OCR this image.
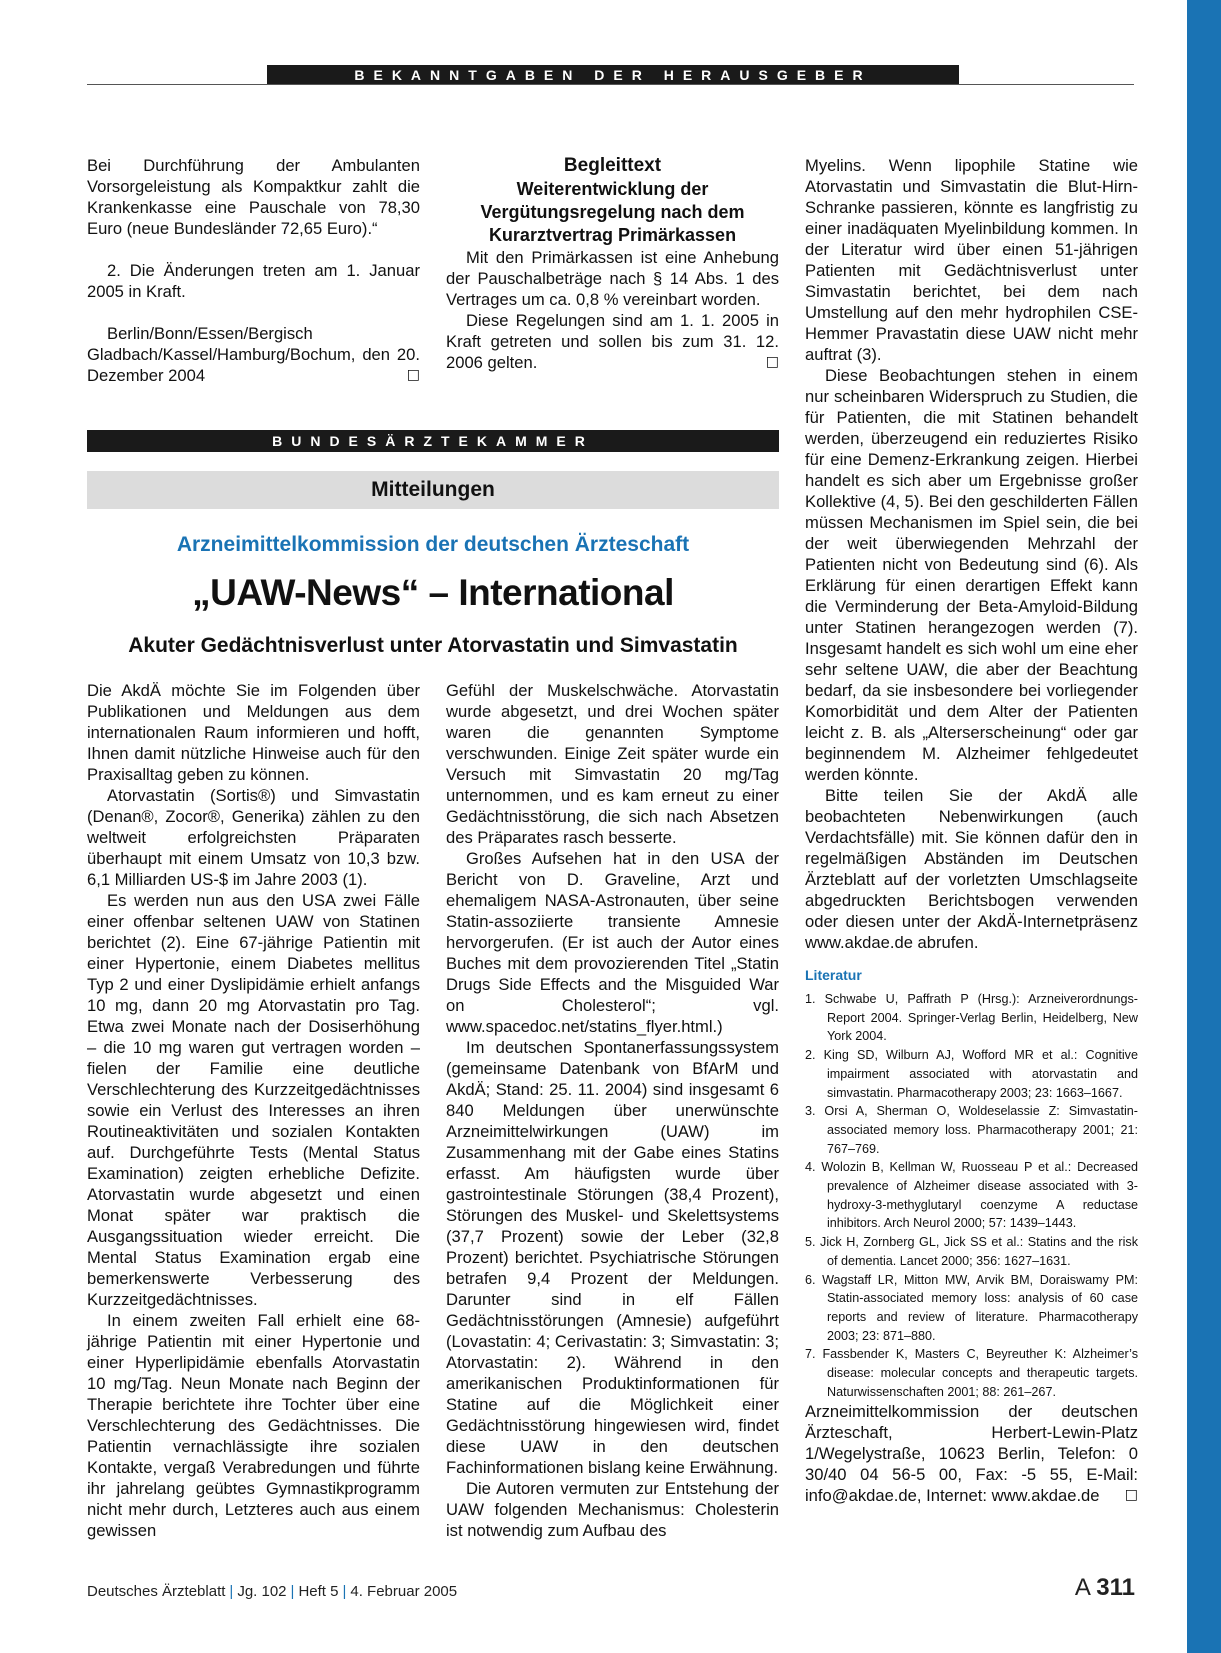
BEKANNTGABEN DER HERAUSGEBER

Bei Durchführung der Ambulanten Vorsorgeleistung als Kompaktkur zahlt die Krankenkasse eine Pauschale von 78,30 Euro (neue Bundesländer 72,65 Euro).“

2. Die Änderungen treten am 1. Januar 2005 in Kraft.

Berlin/Bonn/Essen/Bergisch Gladbach/Kassel/Hamburg/Bochum, den 20. Dezember 2004	□

Begleittext

Weiterentwicklung der Vergütungsregelung nach dem Kurarztvertrag Primärkassen

Mit den Primärkassen ist eine Anhebung der Pauschalbeträge nach § 14 Abs. 1 des Vertrages um ca. 0,8 % vereinbart worden.

Diese Regelungen sind am 1. 1. 2005 in Kraft getreten und sollen bis zum 31. 12. 2006 gelten.	□

BUNDESÄRZTEKAMMER
Mitteilungen
Arzneimittelkommission der deutschen Ärzteschaft
„UAW-News“ – International
Akuter Gedächtnisverlust unter Atorvastatin und Simvastatin

Die AkdÄ möchte Sie im Folgenden über Publikationen und Meldungen aus dem internationalen Raum informieren und hofft, Ihnen damit nützliche Hinweise auch für den Praxisalltag geben zu können.

Atorvastatin (Sortis®) und Simvastatin (Denan®, Zocor®, Generika) zählen zu den weltweit erfolgreichsten Präparaten überhaupt mit einem Umsatz von 10,3 bzw. 6,1 Milliarden US-$ im Jahre 2003 (1).

Es werden nun aus den USA zwei Fälle einer offenbar seltenen UAW von Statinen berichtet (2). Eine 67-jährige Patientin mit einer Hypertonie, einem Diabetes mellitus Typ 2 und einer Dyslipidämie erhielt anfangs 10 mg, dann 20 mg Atorvastatin pro Tag. Etwa zwei Monate nach der Dosiserhöhung – die 10 mg waren gut vertragen worden – fielen der Familie eine deutliche Verschlechterung des Kurzzeitgedächtnisses sowie ein Verlust des Interesses an ihren Routineaktivitäten und sozialen Kontakten auf. Durchgeführte Tests (Mental Status Examination) zeigten erhebliche Defizite. Atorvastatin wurde abgesetzt und einen Monat später war praktisch die Ausgangssituation wieder erreicht. Die Mental Status Examination ergab eine bemerkenswerte Verbesserung des Kurzzeitgedächtnisses.

In einem zweiten Fall erhielt eine 68-jährige Patientin mit einer Hypertonie und einer Hyperlipidämie ebenfalls Atorvastatin 10 mg/Tag. Neun Monate nach Beginn der Therapie berichtete ihre Tochter über eine Verschlechterung des Gedächtnisses. Die Patientin vernachlässigte ihre sozialen Kontakte, vergaß Verabredungen und führte ihr jahrelang geübtes Gymnastikprogramm nicht mehr durch, Letzteres auch aus einem gewissen

Gefühl der Muskelschwäche. Atorvastatin wurde abgesetzt, und drei Wochen später waren die genannten Symptome verschwunden. Einige Zeit später wurde ein Versuch mit Simvastatin 20 mg/Tag unternommen, und es kam erneut zu einer Gedächtnisstörung, die sich nach Absetzen des Präparates rasch besserte.

Großes Aufsehen hat in den USA der Bericht von D. Graveline, Arzt und ehemaligem NASA-Astronauten, über seine Statin-assoziierte transiente Amnesie hervorgerufen. (Er ist auch der Autor eines Buches mit dem provozierenden Titel „Statin Drugs Side Effects and the Misguided War on Cholesterol“; vgl. www.spacedoc.net/statins_flyer.html.)

Im deutschen Spontanerfassungssystem (gemeinsame Datenbank von BfArM und AkdÄ; Stand: 25. 11. 2004) sind insgesamt 6 840 Meldungen über unerwünschte Arzneimittelwirkungen (UAW) im Zusammenhang mit der Gabe eines Statins erfasst. Am häufigsten wurde über gastrointestinale Störungen (38,4 Prozent), Störungen des Muskel- und Skelettsystems (37,7 Prozent) sowie der Leber (32,8 Prozent) berichtet. Psychiatrische Störungen betrafen 9,4 Prozent der Meldungen. Darunter sind in elf Fällen Gedächtnisstörungen (Amnesie) aufgeführt (Lovastatin: 4; Cerivastatin: 3; Simvastatin: 3; Atorvastatin: 2). Während in den amerikanischen Produktinformationen für Statine auf die Möglichkeit einer Gedächtnisstörung hingewiesen wird, findet diese UAW in den deutschen Fachinformationen bislang keine Erwähnung.

Die Autoren vermuten zur Entstehung der UAW folgenden Mechanismus: Cholesterin ist notwendig zum Aufbau des

Myelins. Wenn lipophile Statine wie Atorvastatin und Simvastatin die Blut-Hirn-Schranke passieren, könnte es langfristig zu einer inadäquaten Myelinbildung kommen. In der Literatur wird über einen 51-jährigen Patienten mit Gedächtnisverlust unter Simvastatin berichtet, bei dem nach Umstellung auf den mehr hydrophilen CSE-Hemmer Pravastatin diese UAW nicht mehr auftrat (3).

Diese Beobachtungen stehen in einem nur scheinbaren Widerspruch zu Studien, die für Patienten, die mit Statinen behandelt werden, überzeugend ein reduziertes Risiko für eine Demenz-Erkrankung zeigen. Hierbei handelt es sich aber um Ergebnisse großer Kollektive (4, 5). Bei den geschilderten Fällen müssen Mechanismen im Spiel sein, die bei der weit überwiegenden Mehrzahl der Patienten nicht von Bedeutung sind (6). Als Erklärung für einen derartigen Effekt kann die Verminderung der Beta-Amyloid-Bildung unter Statinen herangezogen werden (7). Insgesamt handelt es sich wohl um eine eher sehr seltene UAW, die aber der Beachtung bedarf, da sie insbesondere bei vorliegender Komorbidität und dem Alter der Patienten leicht z. B. als „Alterserscheinung“ oder gar beginnendem M. Alzheimer fehlgedeutet werden könnte.

Bitte teilen Sie der AkdÄ alle beobachteten Nebenwirkungen (auch Verdachtsfälle) mit. Sie können dafür den in regelmäßigen Abständen im Deutschen Ärzteblatt auf der vorletzten Umschlagseite abgedruckten Berichtsbogen verwenden oder diesen unter der AkdÄ-Internetpräsenz www.akdae.de abrufen.

Literatur
1. Schwabe U, Paffrath P (Hrsg.): Arzneiverordnungs-Report 2004. Springer-Verlag Berlin, Heidelberg, New York 2004.
2. King SD, Wilburn AJ, Wofford MR et al.: Cognitive impairment associated with atorvastatin and simvastatin. Pharmacotherapy 2003; 23: 1663–1667.
3. Orsi A, Sherman O, Woldeselassie Z: Simvastatin-associated memory loss. Pharmacotherapy 2001; 21: 767–769.
4. Wolozin B, Kellman W, Ruosseau P et al.: Decreased prevalence of Alzheimer disease associated with 3-hydroxy-3-methyglutaryl coenzyme A reductase inhibitors. Arch Neurol 2000; 57: 1439–1443.
5. Jick H, Zornberg GL, Jick SS et al.: Statins and the risk of dementia. Lancet 2000; 356: 1627–1631.
6. Wagstaff LR, Mitton MW, Arvik BM, Doraiswamy PM: Statin-associated memory loss: analysis of 60 case reports and review of literature. Pharmacotherapy 2003; 23: 871–880.
7. Fassbender K, Masters C, Beyreuther K: Alzheimer’s disease: molecular concepts and therapeutic targets. Naturwissenschaften 2001; 88: 261–267.

Arzneimittelkommission der deutschen Ärzteschaft, Herbert-Lewin-Platz 1/Wegelystraße, 10623 Berlin, Telefon: 0 30/40 04 56-5 00, Fax: -5 55, E-Mail: info@akdae.de, Internet: www.akdae.de □

Deutsches Ärzteblatt | Jg. 102 | Heft 5 | 4. Februar 2005	A 311
